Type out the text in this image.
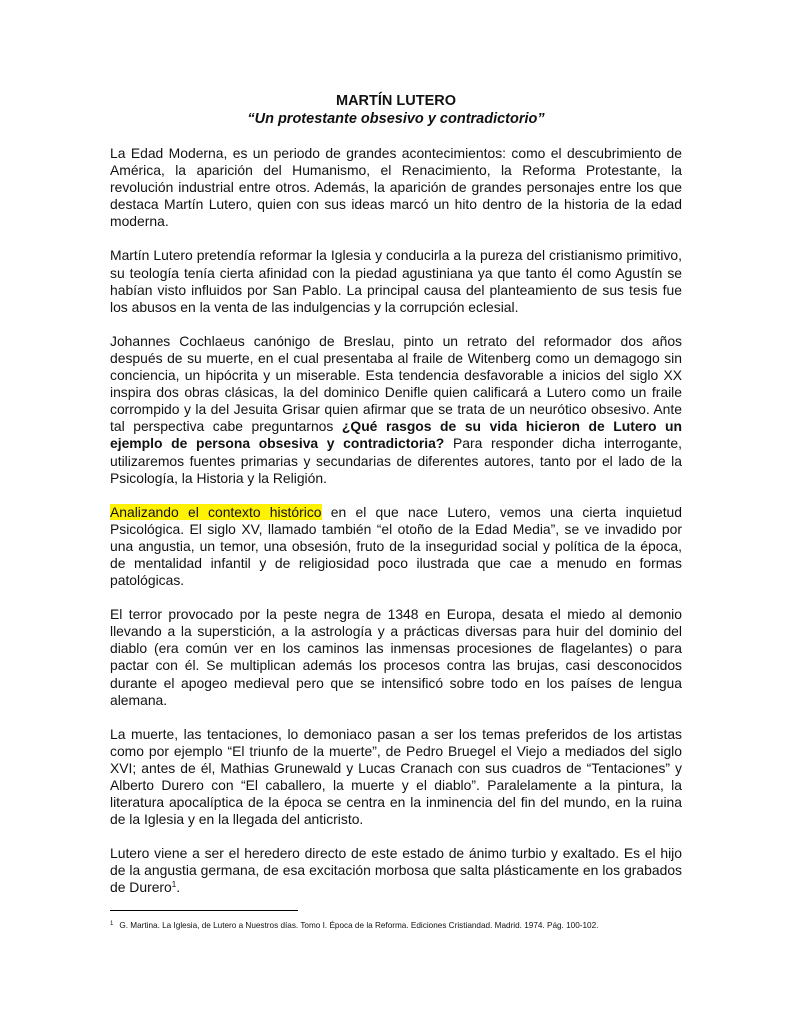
MARTÍN LUTERO
“Un protestante obsesivo y contradictorio”

La Edad Moderna, es un periodo de grandes acontecimientos: como el descubrimiento de América, la aparición del Humanismo, el Renacimiento, la Reforma Protestante, la revolución industrial entre otros. Además, la aparición de grandes personajes entre los que destaca Martín Lutero, quien con sus ideas marcó un hito dentro de la historia de la edad moderna.

Martín Lutero pretendía reformar la Iglesia y conducirla a la pureza del cristianismo primitivo, su teología tenía cierta afinidad con la piedad agustiniana ya que tanto él como Agustín se habían visto influidos por San Pablo. La principal causa del planteamiento de sus tesis fue los abusos en la venta de las indulgencias y la corrupción eclesial.

Johannes Cochlaeus canónigo de Breslau, pinto un retrato del reformador dos años después de su muerte, en el cual presentaba al fraile de Witenberg como un demagogo sin conciencia, un hipócrita y un miserable. Esta tendencia desfavorable a inicios del siglo XX inspira dos obras clásicas, la del dominico Denifle quien calificará a Lutero como un fraile corrompido y la del Jesuita Grisar quien afirmar que se trata de un neurótico obsesivo. Ante tal perspectiva cabe preguntarnos ¿Qué rasgos de su vida hicieron de Lutero un ejemplo de persona obsesiva y contradictoria? Para responder dicha interrogante, utilizaremos fuentes primarias y secundarias de diferentes autores, tanto por el lado de la Psicología, la Historia y la Religión.

Analizando el contexto histórico en el que nace Lutero, vemos una cierta inquietud Psicológica. El siglo XV, llamado también “el otoño de la Edad Media”, se ve invadido por una angustia, un temor, una obsesión, fruto de la inseguridad social y política de la época, de mentalidad infantil y de religiosidad poco ilustrada que cae a menudo en formas patológicas.

El terror provocado por la peste negra de 1348 en Europa, desata el miedo al demonio llevando a la superstición, a la astrología y a prácticas diversas para huir del dominio del diablo (era común ver en los caminos las inmensas procesiones de flagelantes) o para pactar con él. Se multiplican además los procesos contra las brujas, casi desconocidos durante el apogeo medieval pero que se intensificó sobre todo en los países de lengua alemana.

La muerte, las tentaciones, lo demoniaco pasan a ser los temas preferidos de los artistas como por ejemplo “El triunfo de la muerte”, de Pedro Bruegel el Viejo a mediados del siglo XVI; antes de él, Mathias Grunewald y Lucas Cranach con sus cuadros de “Tentaciones” y Alberto Durero con “El caballero, la muerte y el diablo”. Paralelamente a la pintura, la literatura apocalíptica de la época se centra en la inminencia del fin del mundo, en la ruina de la Iglesia y en la llegada del anticristo.

Lutero viene a ser el heredero directo de este estado de ánimo turbio y exaltado. Es el hijo de la angustia germana, de esa excitación morbosa que salta plásticamente en los grabados de Durero$^1$.

$^1$ G. Martina. La Iglesia, de Lutero a Nuestros días. Tomo I. Época de la Reforma. Ediciones Cristiandad. Madrid. 1974. Pág. 100-102.
